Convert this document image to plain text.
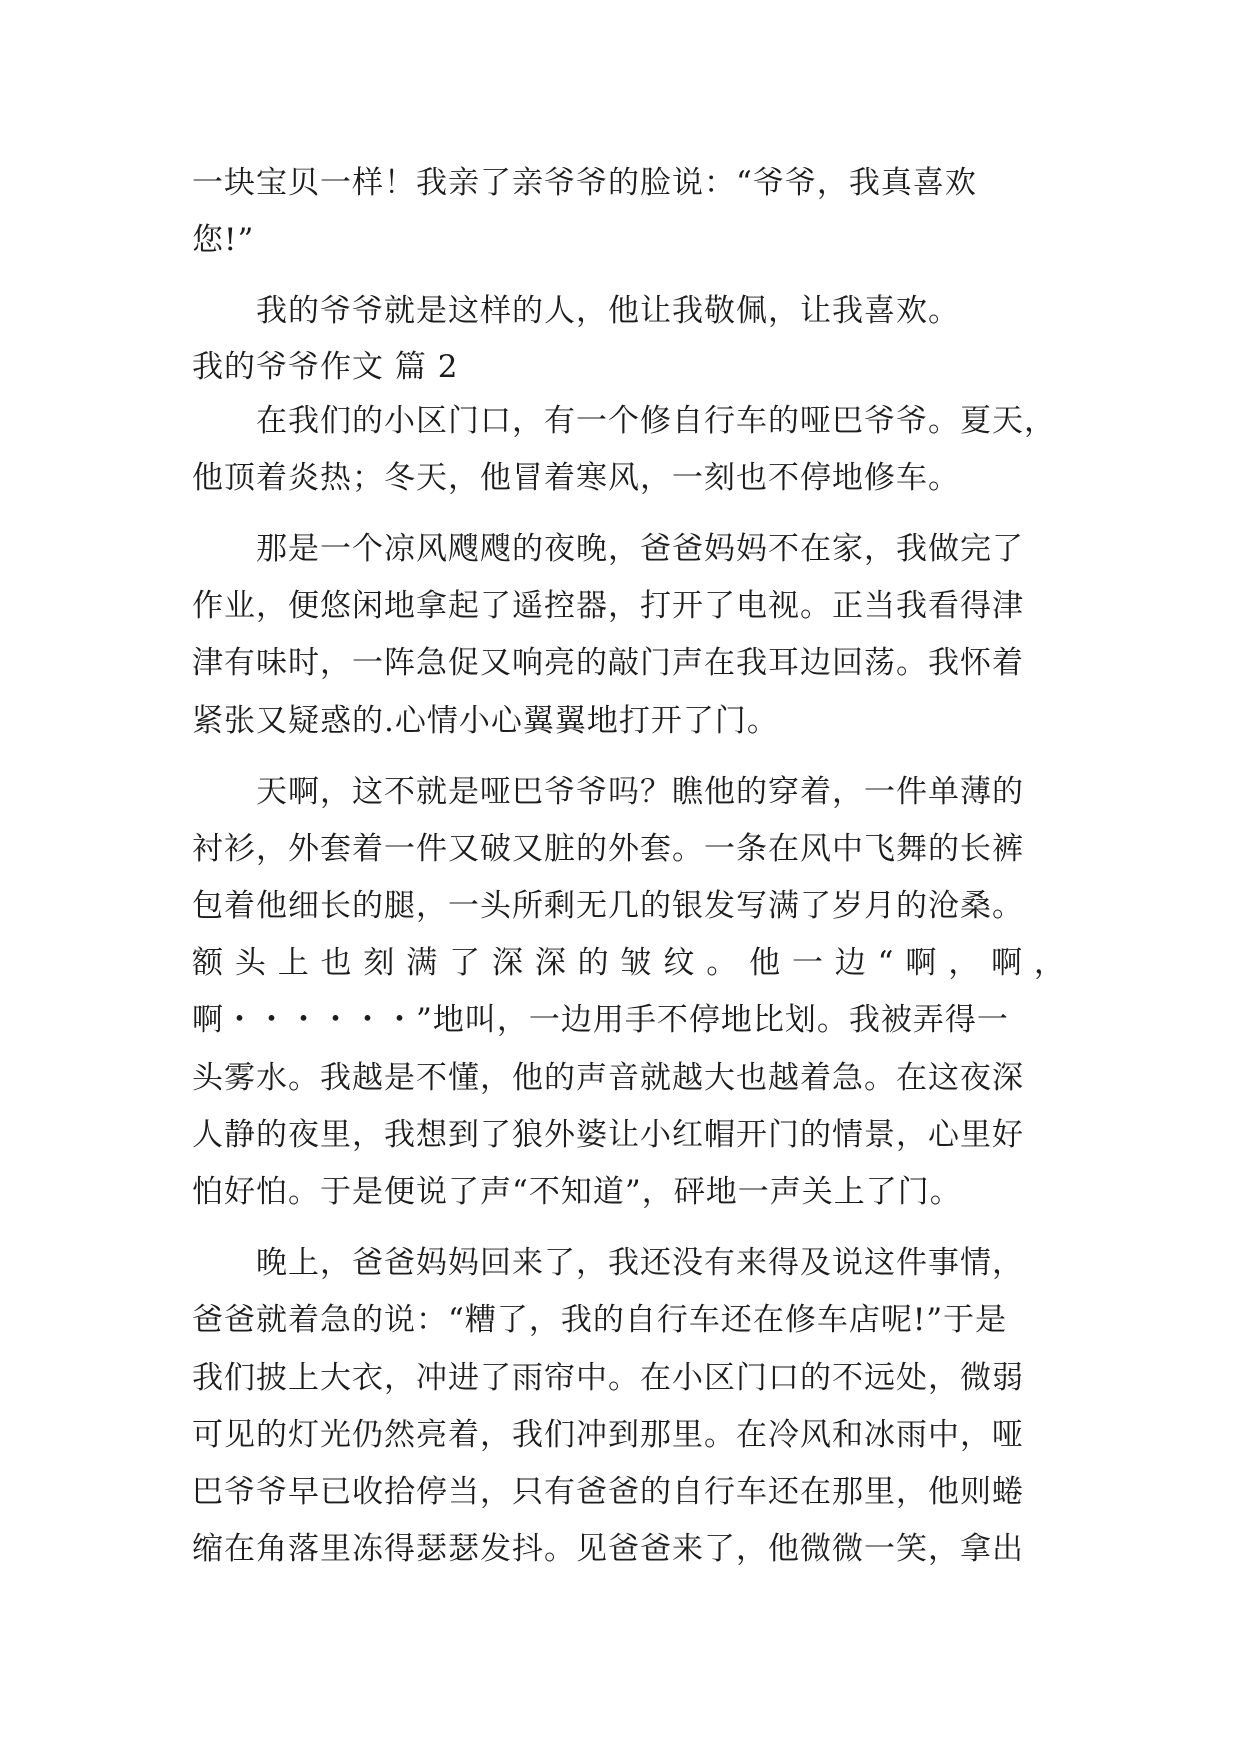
一块宝贝一样！我亲了亲爷爷的脸说：“爷爷，我真喜欢
您!”
我的爷爷就是这样的人，他让我敬佩，让我喜欢。
我的爷爷作文 篇 2
在我们的小区门口，有一个修自行车的哑巴爷爷。夏天，
他顶着炎热；冬天，他冒着寒风，一刻也不停地修车。
那是一个凉风飕飕的夜晚，爸爸妈妈不在家，我做完了
作业，便悠闲地拿起了遥控器，打开了电视。正当我看得津
津有味时，一阵急促又响亮的敲门声在我耳边回荡。我怀着
紧张又疑惑的.心情小心翼翼地打开了门。
天啊，这不就是哑巴爷爷吗？瞧他的穿着，一件单薄的
衬衫，外套着一件又破又脏的外套。一条在风中飞舞的长裤
包着他细长的腿，一头所剩无几的银发写满了岁月的沧桑。
额 头 上 也 刻 满 了 深 深 的 皱 纹 。 他 一 边 “ 啊 ， 啊 ，
啊・・・・・・”地叫，一边用手不停地比划。我被弄得一
头雾水。我越是不懂，他的声音就越大也越着急。在这夜深
人静的夜里，我想到了狼外婆让小红帽开门的情景，心里好
怕好怕。于是便说了声“不知道”，砰地一声关上了门。
晚上，爸爸妈妈回来了，我还没有来得及说这件事情，
爸爸就着急的说：“糟了，我的自行车还在修车店呢!”于是
我们披上大衣，冲进了雨帘中。在小区门口的不远处，微弱
可见的灯光仍然亮着，我们冲到那里。在冷风和冰雨中，哑
巴爷爷早已收拾停当，只有爸爸的自行车还在那里，他则蜷
缩在角落里冻得瑟瑟发抖。见爸爸来了，他微微一笑，拿出
